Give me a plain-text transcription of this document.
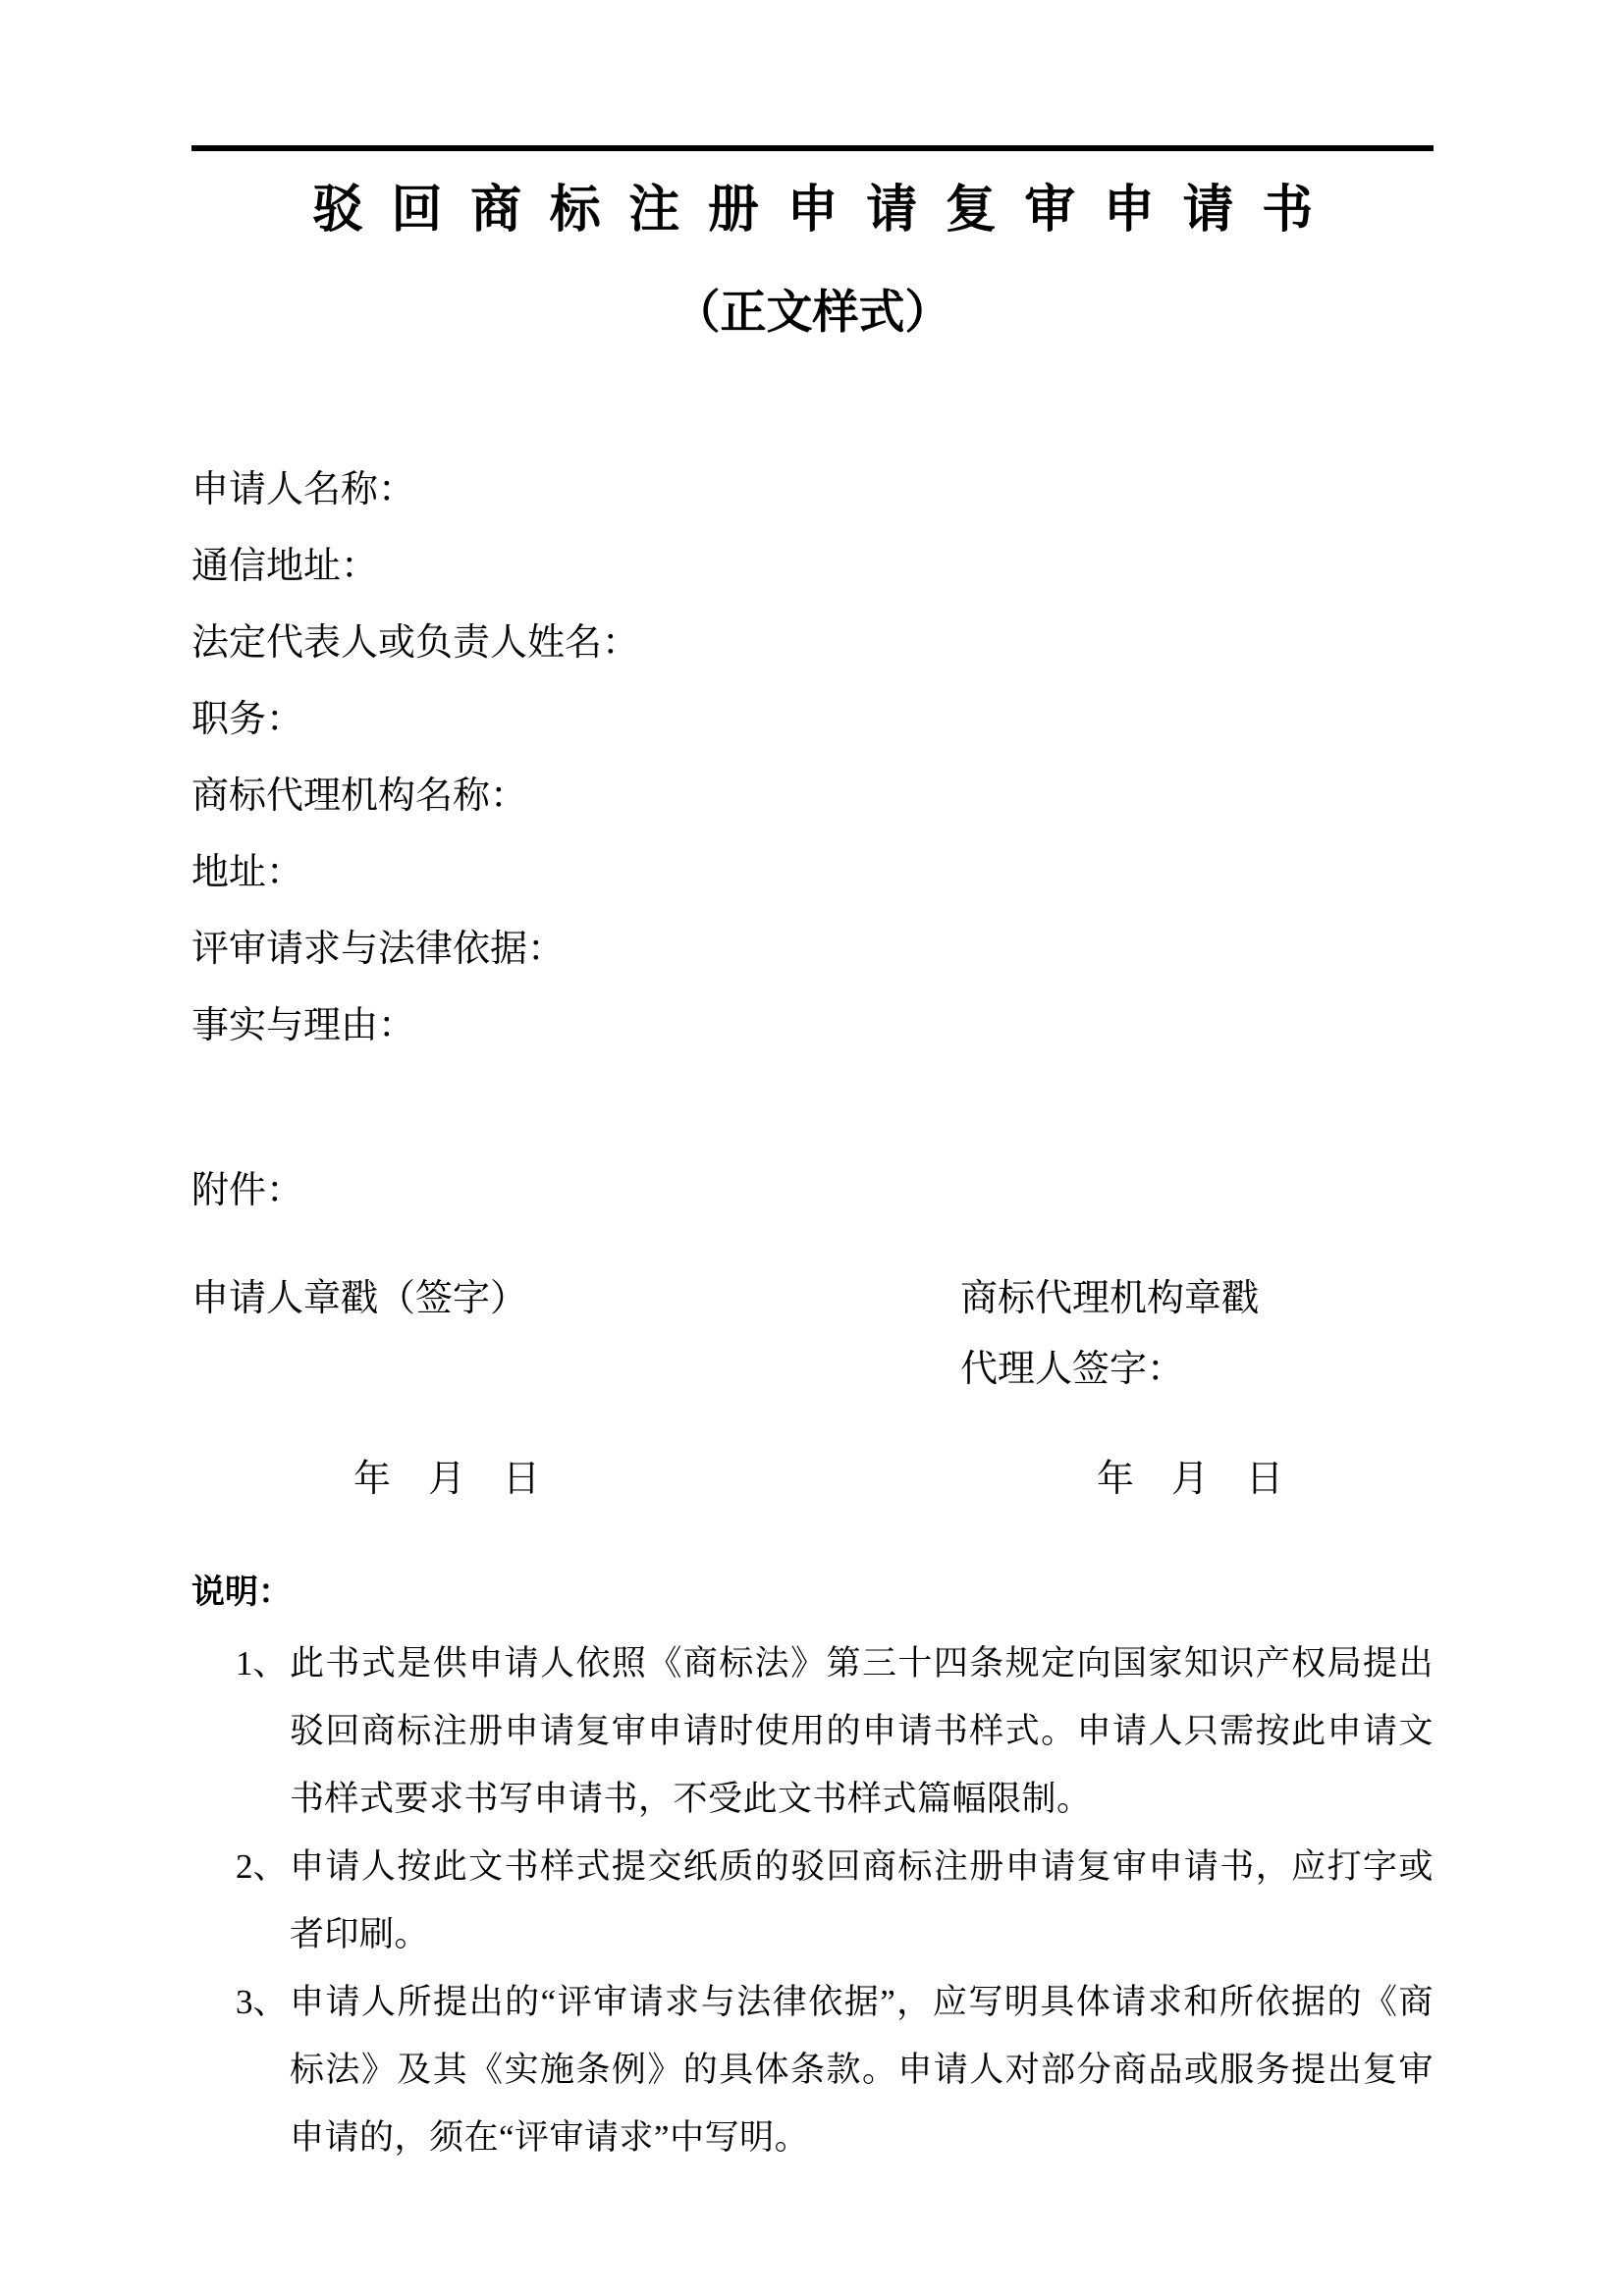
驳回商标注册申请复审申请书
（正文样式）
申请人名称：
通信地址：
法定代表人或负责人姓名：
职务：
商标代理机构名称：
地址：
评审请求与法律依据：
事实与理由：
附件：
申请人章戳（签字）	商标代理机构章戳
代理人签字：
年　月　日	年　月　日
说明：
1、 此书式是供申请人依照《商标法》第三十四条规定向国家知识产权局提出驳回商标注册申请复审申请时使用的申请书样式。申请人只需按此申请文书样式要求书写申请书，不受此文书样式篇幅限制。
2、 申请人按此文书样式提交纸质的驳回商标注册申请复审申请书，应打字或者印刷。
3、 申请人所提出的“评审请求与法律依据”，应写明具体请求和所依据的《商标法》及其《实施条例》的具体条款。申请人对部分商品或服务提出复审申请的，须在“评审请求”中写明。
